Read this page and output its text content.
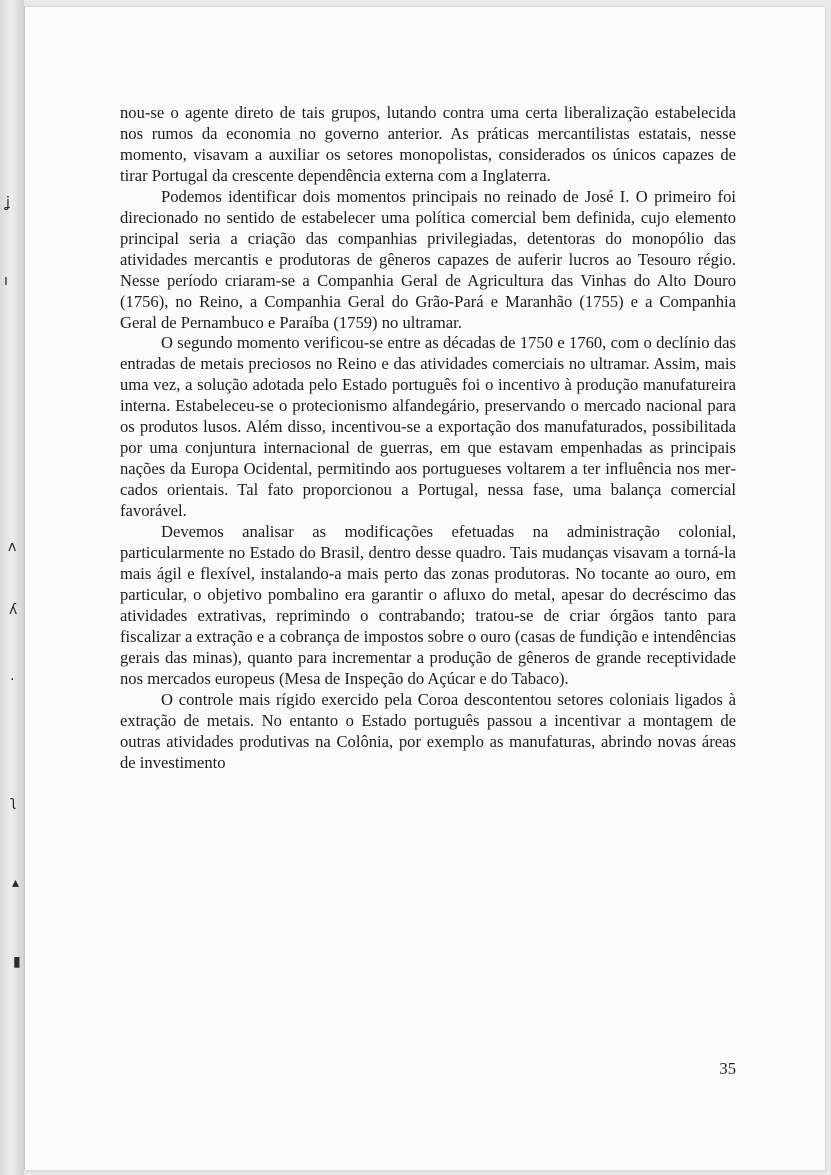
ʝ
ı
ʌ
ʎ
·
ʅ
▴
▮

nou-se o agente direto de tais grupos, lutando contra uma certa liberalização estabelecida nos rumos da economia no governo anterior. As práticas mercantilistas estatais, nesse momento, visavam a auxiliar os setores monopolistas, considerados os únicos capazes de tirar Portugal da crescente dependência externa com a Inglaterra.

Podemos identificar dois momentos principais no reinado de José I. O primeiro foi direcionado no sentido de estabelecer uma política comercial bem definida, cujo elemento principal seria a criação das companhias privilegiadas, detentoras do monopólio das atividades mercantis e produtoras de gêneros capazes de auferir lucros ao Tesouro régio. Nesse período criaram-se a Companhia Geral de Agricultura das Vinhas do Alto Douro (1756), no Reino, a Companhia Geral do Grão-Pará e Maranhão (1755) e a Companhia Geral de Pernambuco e Paraíba (1759) no ultramar.

O segundo momento verificou-se entre as décadas de 1750 e 1760, com o declínio das entradas de metais preciosos no Reino e das atividades comerciais no ultramar. Assim, mais uma vez, a solução adotada pelo Estado português foi o incentivo à produção manufatureira interna. Estabeleceu-se o protecionismo alfandegário, preservando o mercado nacional para os produtos lusos. Além disso, incentivou-se a exportação dos manufaturados, possibilitada por uma conjuntura internacional de guerras, em que estavam empenhadas as principais nações da Europa Ocidental, permitindo aos portugueses voltarem a ter influência nos mercados orientais. Tal fato proporcionou a Portugal, nessa fase, uma balança comercial favorável.

Devemos analisar as modificações efetuadas na administração colonial, particularmente no Estado do Brasil, dentro desse quadro. Tais mudanças visavam a torná-la mais ágil e flexível, instalando-a mais perto das zonas produtoras. No tocante ao ouro, em particular, o objetivo pombalino era garantir o afluxo do metal, apesar do decréscimo das atividades extrativas, reprimindo o contrabando; tratou-se de criar órgãos tanto para fiscalizar a extração e a cobrança de impostos sobre o ouro (casas de fundição e intendências gerais das minas), quanto para incrementar a produção de gêneros de grande receptividade nos mercados europeus (Mesa de Inspeção do Açúcar e do Tabaco).

O controle mais rígido exercido pela Coroa descontentou setores coloniais ligados à extração de metais. No entanto o Estado português passou a incentivar a montagem de outras atividades produtivas na Colônia, por exemplo as manufaturas, abrindo novas áreas de investimento

35
